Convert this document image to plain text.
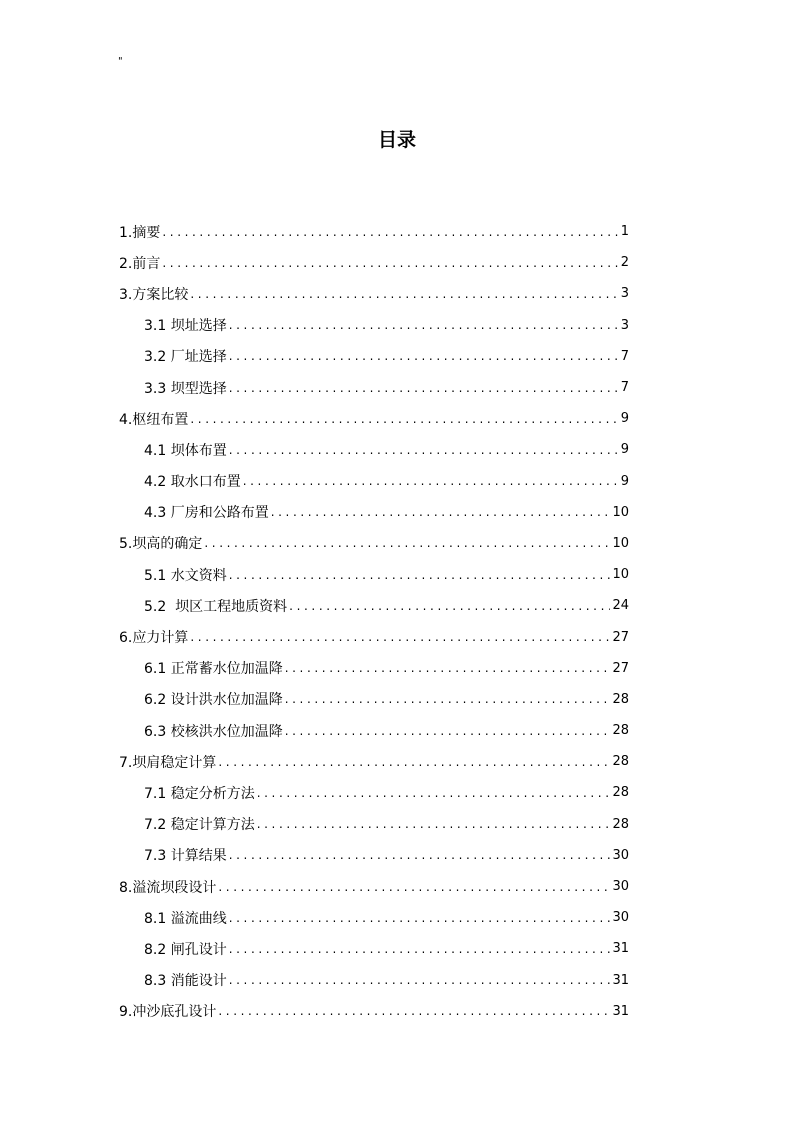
"
目录
1.摘要 .....	1
2.前言 .....	2
3.方案比较 .....	3
3.1 坝址选择 .....	3
3.2 厂址选择 .....	7
3.3 坝型选择 .....	7
4.枢纽布置 .....	9
4.1 坝体布置 .....	9
4.2 取水口布置 .....	9
4.3 厂房和公路布置 .....	10
5.坝高的确定 .....	10
5.1 水文资料 .....	10
5.2  坝区工程地质资料 .....	24
6.应力计算 .....	27
6.1 正常蓄水位加温降 .....	27
6.2 设计洪水位加温降 .....	28
6.3 校核洪水位加温降 .....	28
7.坝肩稳定计算 .....	28
7.1 稳定分析方法 .....	28
7.2 稳定计算方法 .....	28
7.3 计算结果 .....	30
8.溢流坝段设计 .....	30
8.1 溢流曲线 .....	30
8.2 闸孔设计 .....	31
8.3 消能设计 .....	31
9.冲沙底孔设计 .....	31
